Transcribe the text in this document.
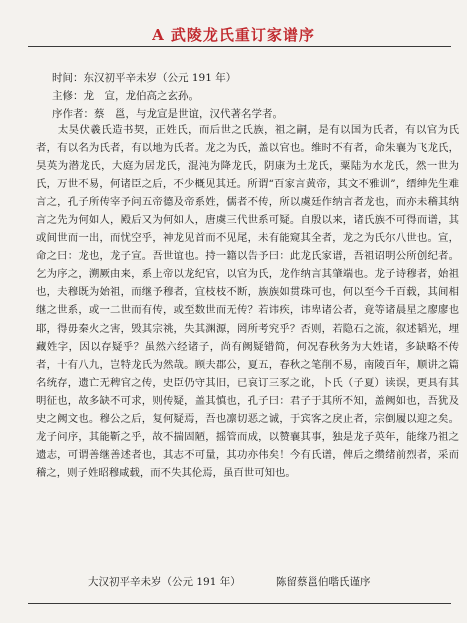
A 武陵龙氏重订家谱序
时间：东汉初平辛未岁（公元 191 年）
主修：龙　宣，龙伯高之玄孙。
序作者：蔡　邕，与龙宣是世谊，汉代著名学者。

太昊伏羲氏造书契，正姓氏，而后世之氏族，祖之嗣，是有以国为氏者，有以官为氏者，有以名为氏者，有以地为氏者。龙之为氏，盖以官也。维时不有者，命朱襄为飞龙氏，昊英为潜龙氏，大庭为居龙氏，混沌为降龙氏，阴康为土龙氏，粟陆为水龙氏，然一世为氏，万世不易，何诸臣之后，不少概见其迁。所谓“百家言黄帝，其文不雅训”，缙绅先生难言之，孔子所传宰予问五帝德及帝系姓，儒者不传，所以虞廷作纳言者龙也，而亦未稽其纳言之先为何如人，殿后又为何如人，唐虞三代世系可疑。自殷以来，诸氏族不可得而谱，其或间世而一出，而忧空乎，神龙见首而不见尾，未有能窥其全者，龙之为氏尔八世也。宣，命之曰：龙也，龙子宣。吾世谊也。持一籍以告予曰：此龙氏家谱，吾祖诏明公所创纪者。乞为序之，溯厥由来，系上帝以龙纪官，以官为氏，龙作纳言其肇端也。龙子诗穆者，始祖也，夫穆既为始祖，而继予穆者，宜枝枝不断，族族如贯珠可也，何以至今千百载，其间相继之世系，或一二世而有传，或至数世而无传？若讳疾，讳卑诸公者，竟等诸晨星之廖廖也耶，得毋秦火之害，毁其宗祧，失其渊源，罔所考究乎？否则，若隐石之流，叙述韬光，埋藏姓字，因以存疑乎？虽然六经诸子，尚有阙疑错简，何况春秋务为大姓诸，多缺略不传者，十有八九，岂特龙氏为然哉。顾夫郡公，夏五，春秋之笔削不易，南陵百年，顺讲之篇名统存，遗亡无稗官之传，史臣仍守其旧，已哀订三豕之讹，卜氏（子夏）读误，更具有其明征也，故多缺不可求，则传疑，盖其慎也，孔子曰：君子于其所不知，盖阙如也，吾犹及史之阙文也。穆公之后，复何疑焉，吾也凛切恶之诚，于宾客之戾止者，宗倒履以迎之矣。龙子问序，其能靳之乎，故不揣固陋，摇管而成，以赞襄其事，独是龙子英年，能缘乃祖之遗志，可谓善继善述者也，其志不可量，其功亦伟矣！今有氏谱，俾后之缵绪前烈者，采而稽之，则子姓昭穆咸载，而不失其伦焉，虽百世可知也。

大汉初平辛未岁（公元 191 年）	陈留蔡邕伯喈氏谨序
